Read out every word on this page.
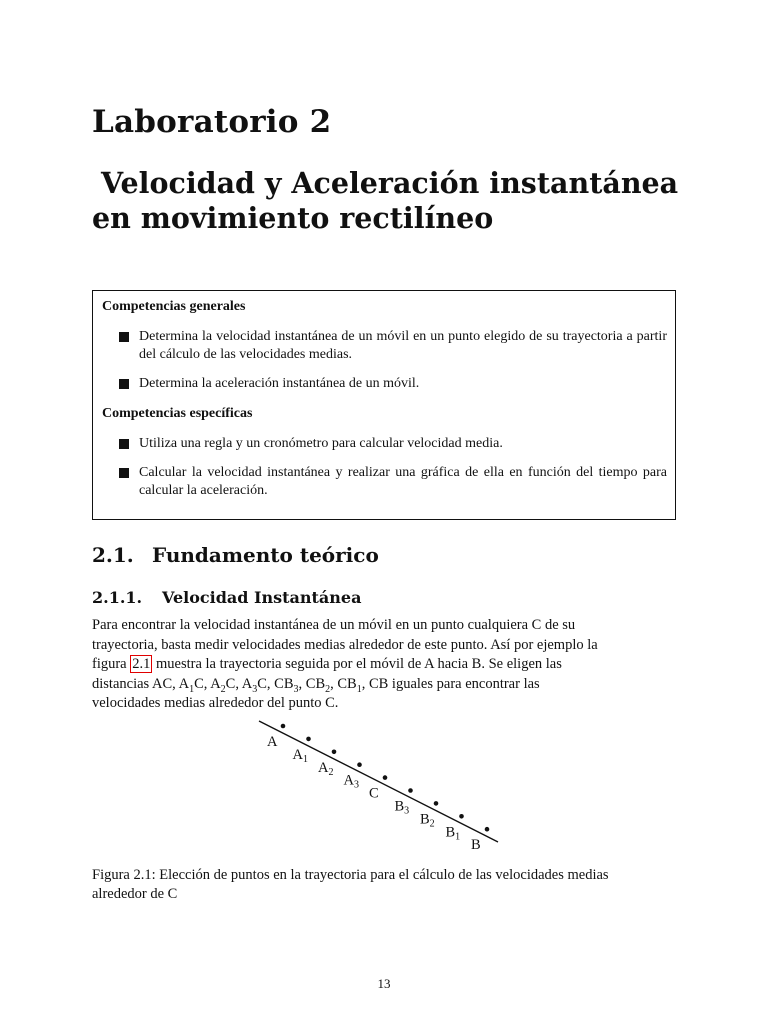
Laboratorio 2
Velocidad y Aceleración instantánea
en movimiento rectilíneo

Competencias generales

Determina la velocidad instantánea de un móvil en un punto elegido de su trayectoria a partir del cálculo de las velocidades medias.
Determina la aceleración instantánea de un móvil.

Competencias específicas

Utiliza una regla y un cronómetro para calcular velocidad media.
Calcular la velocidad instantánea y realizar una gráfica de ella en función del tiempo para calcular la aceleración.
2.1. Fundamento teórico
2.1.1. Velocidad Instantánea
Para encontrar la velocidad instantánea de un móvil en un punto cualquiera C de su
trayectoria, basta medir velocidades medias alrededor de este punto. Así por ejemplo la
figura 2.1 muestra la trayectoria seguida por el móvil de A hacia B. Se eligen las
distancias AC, $A_1C$, $A_2C$, $A_3C$, $CB_3$, $CB_2$, $CB_1$, CB iguales para encontrar las
velocidades medias alrededor del punto C.
A
$A_1$
$A_2$
$A_3$
C
$B_3$
$B_2$
$B_1$
B
Figura 2.1: Elección de puntos en la trayectoria para el cálculo de las velocidades medias
alrededor de C
13
